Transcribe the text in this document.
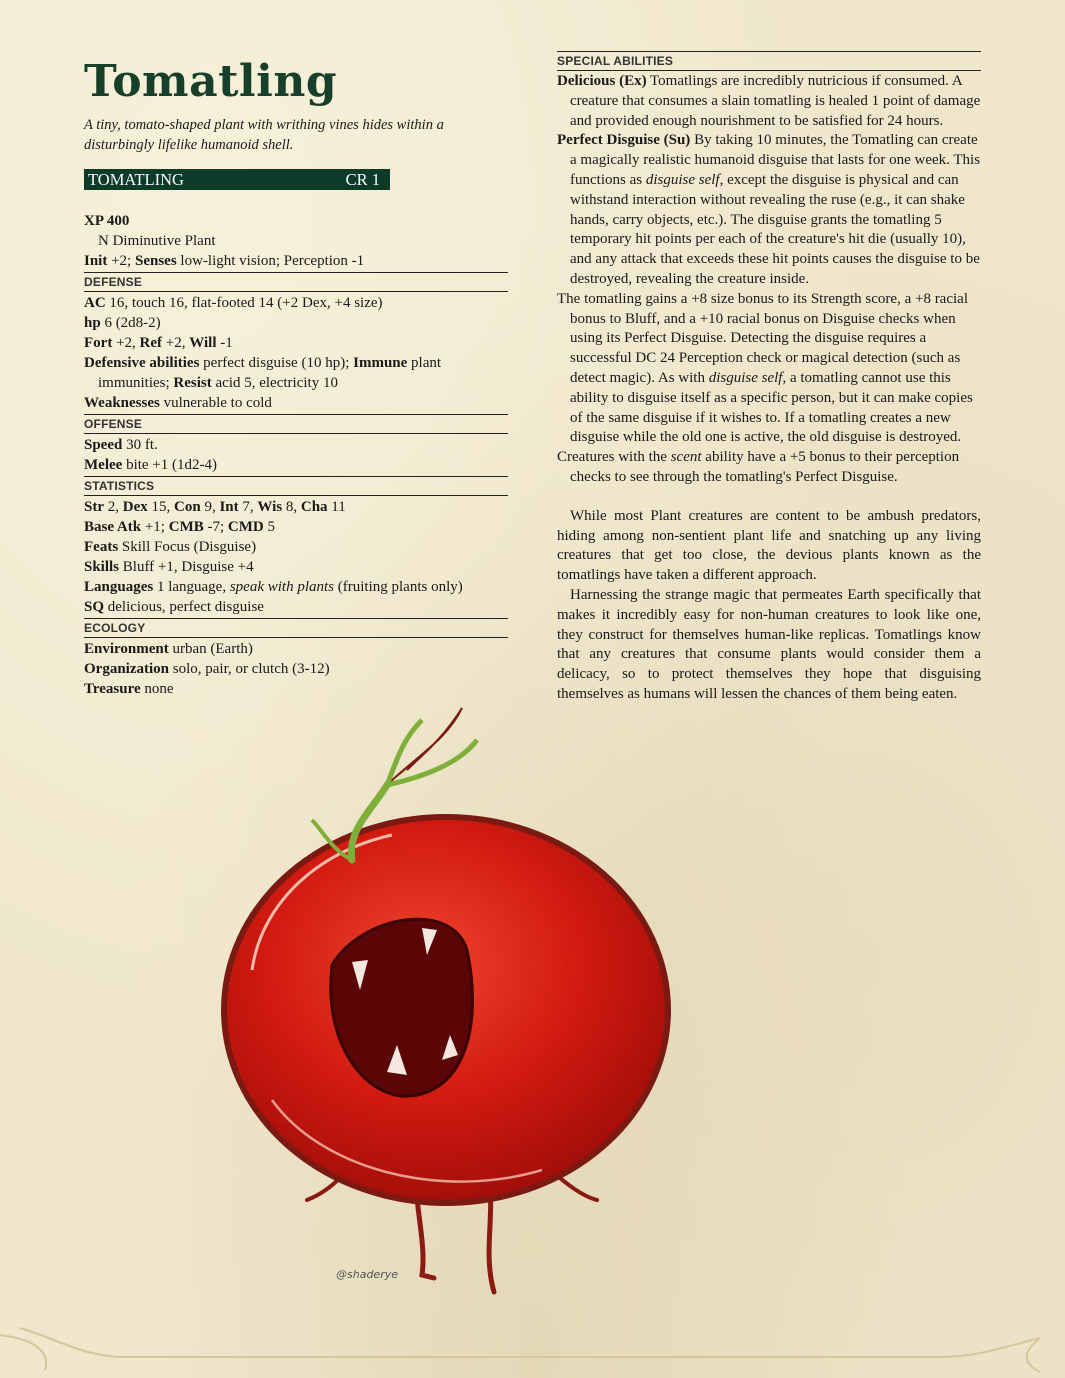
Tomatling
A tiny, tomato-shaped plant with writhing vines hides within a disturbingly lifelike humanoid shell.
TOMATLING	CR 1
XP 400
N Diminutive Plant
Init +2; Senses low-light vision; Perception -1
DEFENSE
AC 16, touch 16, flat-footed 14 (+2 Dex, +4 size)
hp 6 (2d8-2)
Fort +2, Ref +2, Will -1
Defensive abilities perfect disguise (10 hp); Immune plant immunities; Resist acid 5, electricity 10
Weaknesses vulnerable to cold
OFFENSE
Speed 30 ft.
Melee bite +1 (1d2-4)
STATISTICS
Str 2, Dex 15, Con 9, Int 7, Wis 8, Cha 11
Base Atk +1; CMB -7; CMD 5
Feats Skill Focus (Disguise)
Skills Bluff +1, Disguise +4
Languages 1 language, speak with plants (fruiting plants only)
SQ delicious, perfect disguise
ECOLOGY
Environment urban (Earth)
Organization solo, pair, or clutch (3-12)
Treasure none
SPECIAL ABILITIES

Delicious (Ex) Tomatlings are incredibly nutricious if consumed. A creature that consumes a slain tomatling is healed 1 point of damage and provided enough nourishment to be satisfied for 24 hours.

Perfect Disguise (Su) By taking 10 minutes, the Tomatling can create a magically realistic humanoid disguise that lasts for one week. This functions as disguise self, except the disguise is physical and can withstand interaction without revealing the ruse (e.g., it can shake hands, carry objects, etc.). The disguise grants the tomatling 5 temporary hit points per each of the creature's hit die (usually 10), and any attack that exceeds these hit points causes the disguise to be destroyed, revealing the creature inside.

The tomatling gains a +8 size bonus to its Strength score, a +8 racial bonus to Bluff, and a +10 racial bonus on Disguise checks when using its Perfect Disguise. Detecting the disguise requires a successful DC 24 Perception check or magical detection (such as detect magic). As with disguise self, a tomatling cannot use this ability to disguise itself as a specific person, but it can make copies of the same disguise if it wishes to. If a tomatling creates a new disguise while the old one is active, the old disguise is destroyed.

Creatures with the scent ability have a +5 bonus to their perception checks to see through the tomatling's Perfect Disguise.

While most Plant creatures are content to be ambush predators, hiding among non-sentient plant life and snatching up any living creatures that get too close, the devious plants known as the tomatlings have taken a different approach.

Harnessing the strange magic that permeates Earth specifically that makes it incredibly easy for non-human creatures to look like one, they construct for themselves human-like replicas. Tomatlings know that any creatures that consume plants would consider them a delicacy, so to protect themselves they hope that disguising themselves as humans will lessen the chances of them being eaten.

@shaderye
